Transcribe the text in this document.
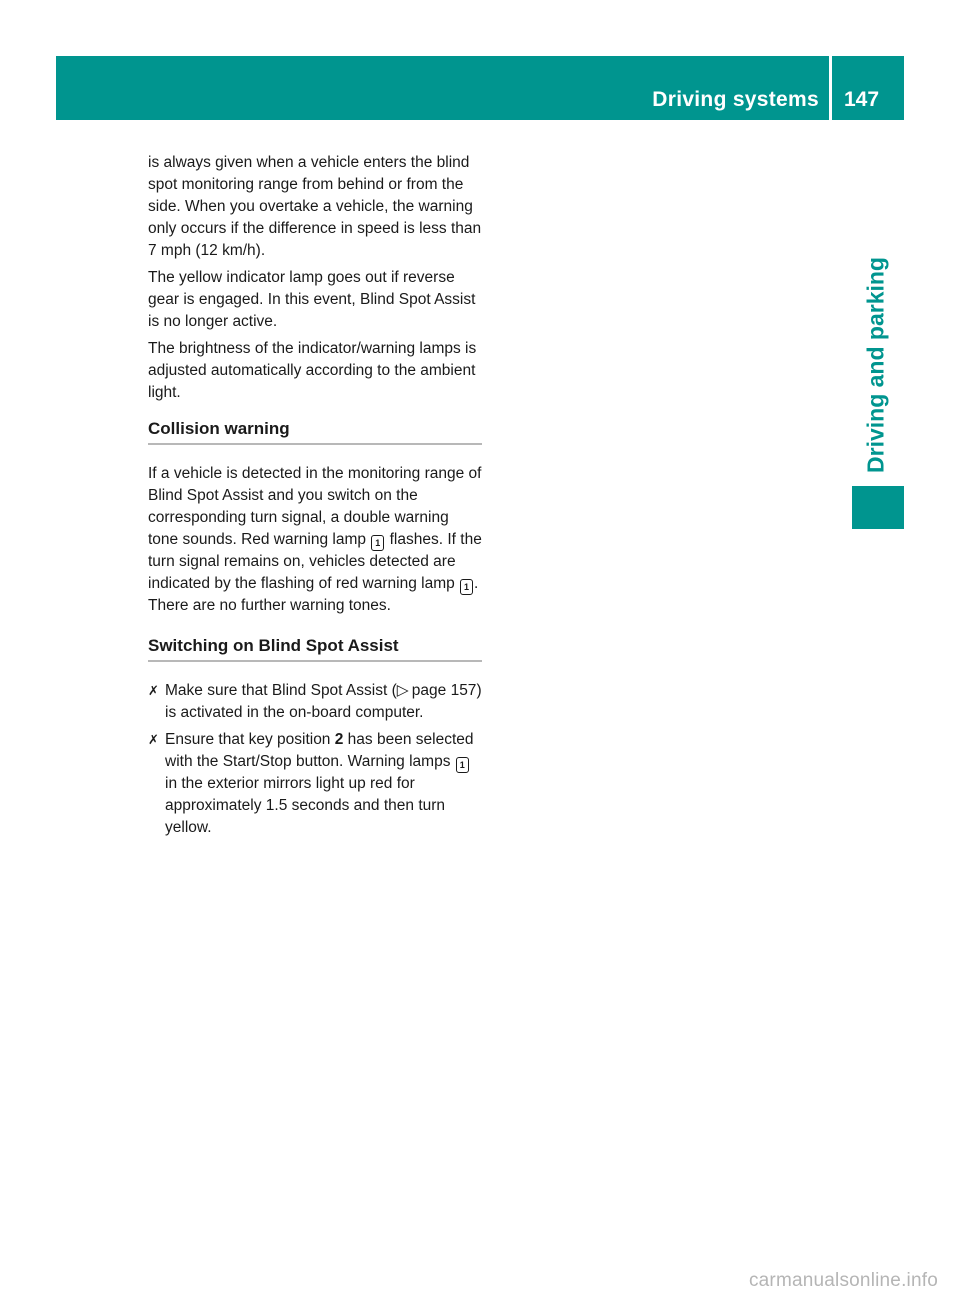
Driving systems 147
Driving and parking

is always given when a vehicle enters the blind spot monitoring range from behind or from the side. When you overtake a vehicle, the warning only occurs if the difference in speed is less than 7 mph (12 km/h).

The yellow indicator lamp goes out if reverse gear is engaged. In this event, Blind Spot Assist is no longer active.

The brightness of the indicator/warning lamps is adjusted automatically according to the ambient light.

Collision warning

If a vehicle is detected in the monitoring range of Blind Spot Assist and you switch on the corresponding turn signal, a double warning tone sounds. Red warning lamp 1 flashes. If the turn signal remains on, vehicles detected are indicated by the flashing of red warning lamp 1 . There are no further warning tones.

Switching on Blind Spot Assist
✗ Make sure that Blind Spot Assist (▷  page 157) is activated in the on-board computer.
✗ Ensure that key position 2 has been selected with the Start/Stop button. Warning lamps 1 in the exterior mirrors light up red for approximately 1.5 seconds and then turn yellow.
carmanualsonline.info
